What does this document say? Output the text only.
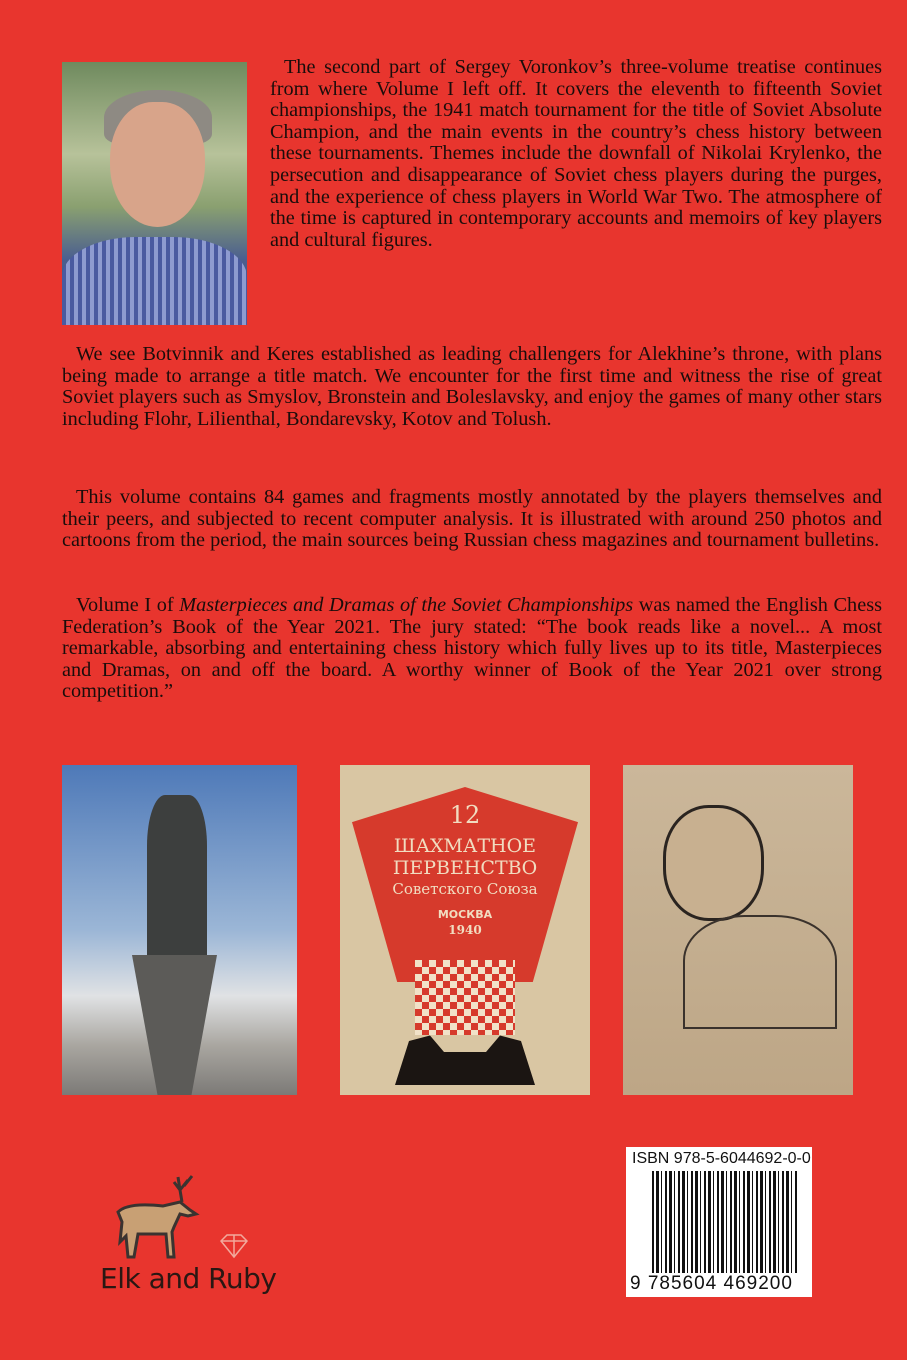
The second part of Sergey Voronkov’s three-volume treatise continues from where Volume I left off. It covers the eleventh to fifteenth Soviet championships, the 1941 match tournament for the title of Soviet Absolute Champion, and the main events in the country’s chess history between these tournaments. Themes include the downfall of Nikolai Krylenko, the persecution and disappearance of Soviet chess players during the purges, and the experience of chess players in World War Two. The atmosphere of the time is captured in contemporary accounts and memoirs of key players and cultural figures.

We see Botvinnik and Keres established as leading challengers for Alekhine’s throne, with plans being made to arrange a title match. We encounter for the first time and witness the rise of great Soviet players such as Smyslov, Bronstein and Boleslavsky, and enjoy the games of many other stars including Flohr, Lilienthal, Bondarevsky, Kotov and Tolush.

This volume contains 84 games and fragments mostly annotated by the players themselves and their peers, and subjected to recent computer analysis. It is illustrated with around 250 photos and cartoons from the period, the main sources being Russian chess magazines and tournament bulletins.

Volume I of Masterpieces and Dramas of the Soviet Championships was named the English Chess Federation’s Book of the Year 2021. The jury stated: “The book reads like a novel... A most remarkable, absorbing and entertaining chess history which fully lives up to its title, Masterpieces and Dramas, on and off the board. A worthy winner of Book of the Year 2021 over strong competition.”

12
ШАХМАТНОЕ
ПЕРВЕНСТВО
Советского Союза
МОСКВА
1940
ISBN 978-5-6044692-0-0
9 785604 469200
Elk and Ruby
